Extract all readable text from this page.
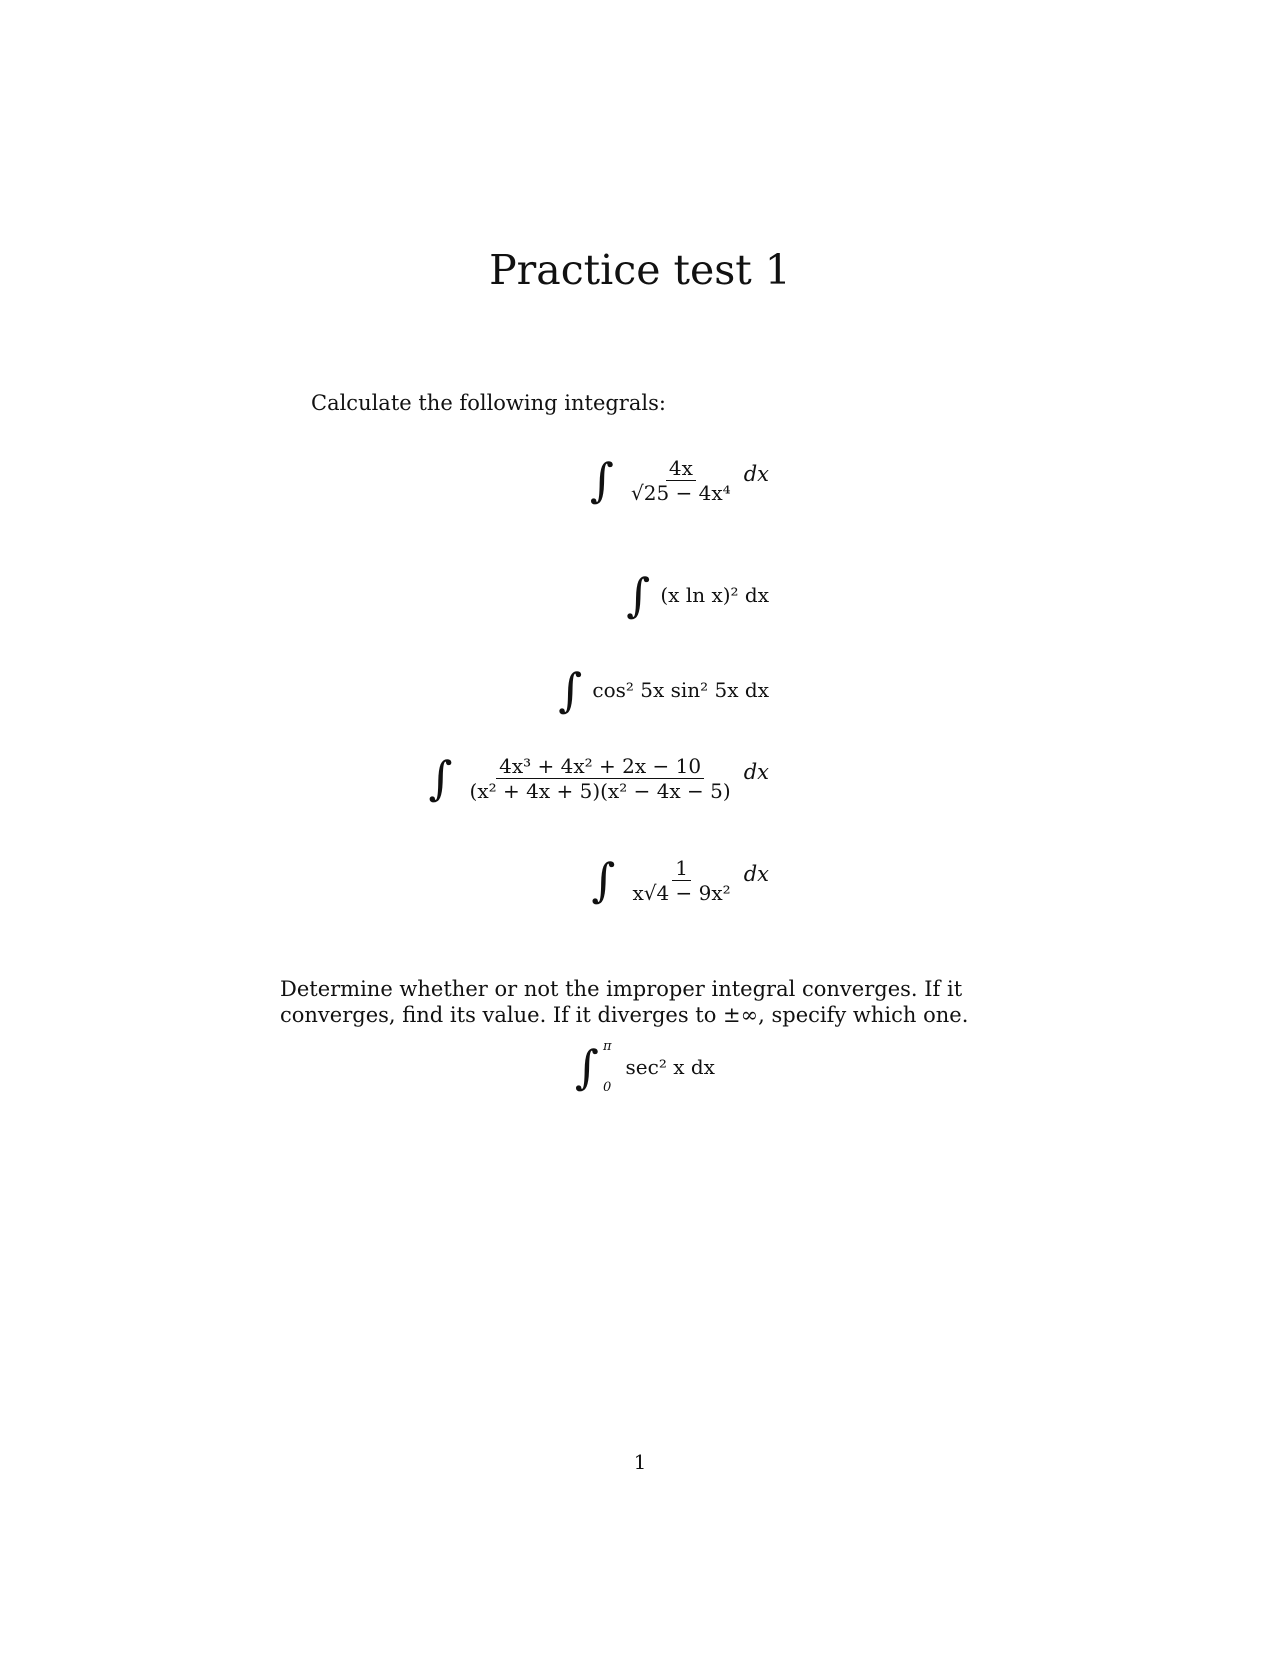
Practice test 1
Calculate the following integrals:
∫ $\frac{4x}{\text{√25 − 4x⁴}}$ dx
∫ (x ln x)² dx
∫ cos² 5x sin² 5x dx
∫ $\frac{\text{4x³ + 4x² + 2x − 10}}{\text{(x² + 4x + 5)(x² − 4x − 5)}}$ dx
∫ $\frac{1}{\text{x√4 − 9x²}}$ dx
Determine whether or not the improper integral converges. If it converges, find its value. If it diverges to ±∞, specify which one.
∫ π
0
sec² x dx
1
